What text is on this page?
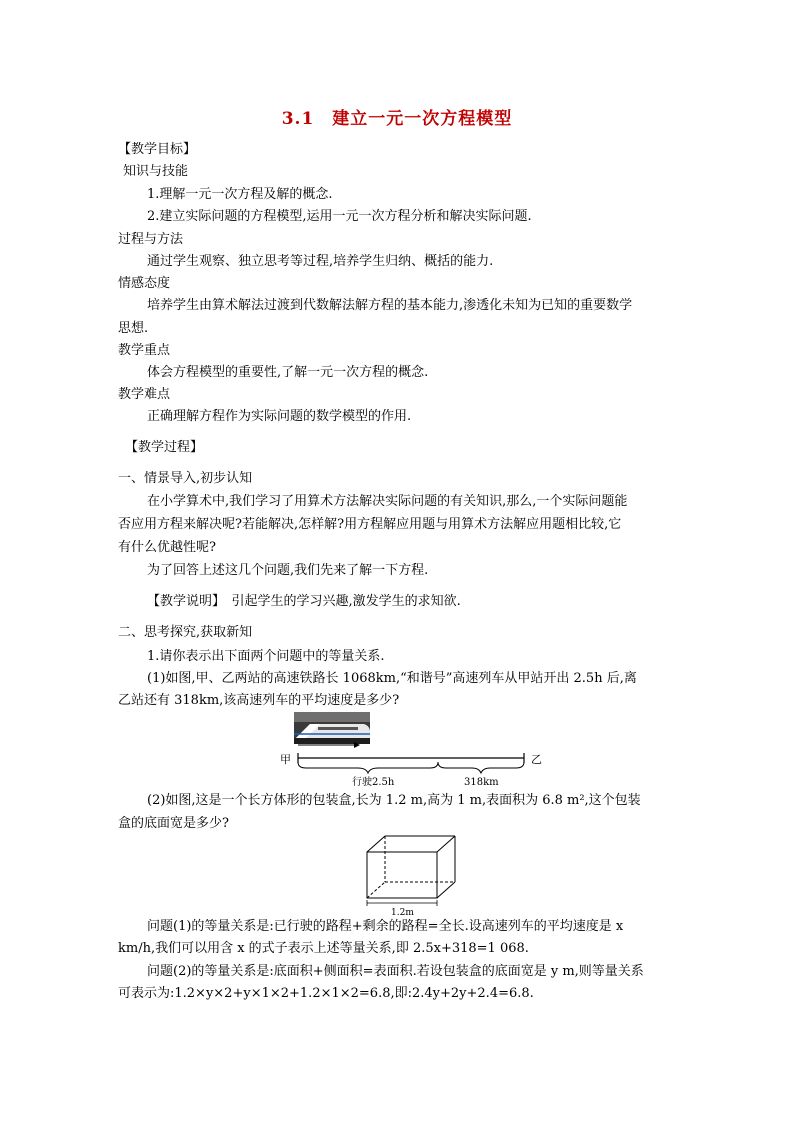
3.1　建立一元一次方程模型
【教学目标】
知识与技能
1.理解一元一次方程及解的概念.
2.建立实际问题的方程模型,运用一元一次方程分析和解决实际问题.
过程与方法
通过学生观察、独立思考等过程,培养学生归纳、概括的能力.
情感态度
培养学生由算术解法过渡到代数解法解方程的基本能力,渗透化未知为已知的重要数学
思想.
教学重点
体会方程模型的重要性,了解一元一次方程的概念.
教学难点
正确理解方程作为实际问题的数学模型的作用.
【教学过程】
一、情景导入,初步认知
在小学算术中,我们学习了用算术方法解决实际问题的有关知识,那么,一个实际问题能
否应用方程来解决呢?若能解决,怎样解?用方程解应用题与用算术方法解应用题相比较,它
有什么优越性呢?
为了回答上述这几个问题,我们先来了解一下方程.
【教学说明】　引起学生的学习兴趣,激发学生的求知欲.
二、思考探究,获取新知
1.请你表示出下面两个问题中的等量关系.
(1)如图,甲、乙两站的高速铁路长 1068km,“和谐号”高速列车从甲站开出 2.5h 后,离
乙站还有 318km,该高速列车的平均速度是多少?
甲	乙
行驶2.5h	318km
(2)如图,这是一个长方体形的包装盒,长为 1.2 m,高为 1 m,表面积为 6.8 m²,这个包装
盒的底面宽是多少?
1.2m
问题(1)的等量关系是:已行驶的路程+剩余的路程=全长.设高速列车的平均速度是 x
km/h,我们可以用含 x 的式子表示上述等量关系,即 2.5x+318=1 068.
问题(2)的等量关系是:底面积+侧面积=表面积.若设包装盒的底面宽是 y m,则等量关系
可表示为:1.2×y×2+y×1×2+1.2×1×2=6.8,即:2.4y+2y+2.4=6.8.
